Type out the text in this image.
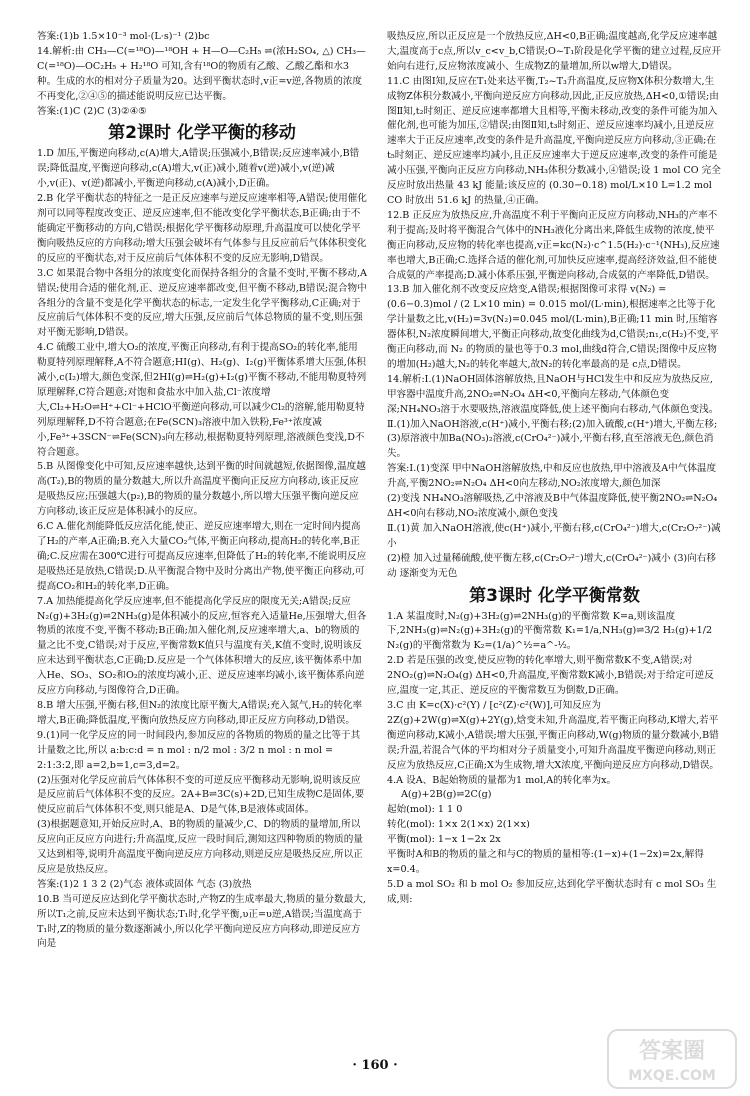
答案:(1)b 1.5×10⁻³ mol·(L·s)⁻¹ (2)bc

14.解析:由 CH₃—C(=¹⁸O)—¹⁸OH + H—O—C₂H₅ ⇌(浓H₂SO₄, △) CH₃—C(=¹⁸O)—OC₂H₅ + H₂¹⁸O 可知,含有¹⁸O的物质有乙酸、乙酸乙酯和水3种。生成的水的相对分子质量为20。达到平衡状态时,v正=v逆,各物质的浓度不再变化,②④⑤的描述能说明反应已达平衡。

答案:(1)C (2)C (3)②④⑤

第2课时 化学平衡的移动

1.D 加压,平衡逆向移动,c(A)增大,A错误;压强减小,B错误;反应速率减小,B错误;降低温度,平衡逆向移动,c(A)增大,v(正)减小,随着v(逆)减小,v(逆)减小,v(正)、v(逆)都减小,平衡逆向移动,c(A)减小,D正确。

2.B 化学平衡状态的特征之一是正反应速率与逆反应速率相等,A错误;使用催化剂可以同等程度改变正、逆反应速率,但不能改变化学平衡状态,B正确;由于不能确定平衡移动的方向,C错误;根据化学平衡移动原理,升高温度可以使化学平衡向吸热反应的方向移动;增大压强会破坏有气体参与且反应前后气体体积变化的反应的平衡状态,对于反应前后气体体积不变的反应无影响,D错误。

3.C 如果混合物中各组分的浓度变化而保持各组分的含量不变时,平衡不移动,A错误;使用合适的催化剂,正、逆反应速率都改变,但平衡不移动,B错误;混合物中各组分的含量不变是化学平衡状态的标志,一定发生化学平衡移动,C正确;对于反应前后气体体积不变的反应,增大压强,反应前后气体总物质的量不变,则压强对平衡无影响,D错误。

4.C 硫酸工业中,增大O₂的浓度,平衡正向移动,有利于提高SO₂的转化率,能用勒夏特列原理解释,A不符合题意;HI(g)、H₂(g)、I₂(g)平衡体系增大压强,体积减小,c(I₂)增大,颜色变深,但2HI(g)⇌H₂(g)+I₂(g)平衡不移动,不能用勒夏特列原理解释,C符合题意;对饱和食盐水中加入盐,Cl⁻浓度增大,Cl₂+H₂O⇌H⁺+Cl⁻+HClO平衡逆向移动,可以减少Cl₂的溶解,能用勒夏特列原理解释,D不符合题意;在Fe(SCN)₃溶液中加入铁粉,Fe³⁺浓度减小,Fe³⁺+3SCN⁻⇌Fe(SCN)₃向左移动,根据勒夏特列原理,溶液颜色变浅,D不符合题意。

5.B 从图像变化中可知,反应速率越快,达到平衡的时间就越短,依据图像,温度越高(T₂),B的物质的量分数越大,所以升高温度平衡向正反应方向移动,该正反应是吸热反应;压强越大(p₂),B的物质的量分数越小,所以增大压强平衡向逆反应方向移动,该正反应是体积减小的反应。

6.C A.催化剂能降低反应活化能,使正、逆反应速率增大,则在一定时间内提高了H₂的产率,A正确;B.充入大量CO₂气体,平衡正向移动,提高H₂的转化率,B正确;C.反应需在300℃进行可提高反应速率,但降低了H₂的转化率,不能说明反应是吸热还是放热,C错误;D.从平衡混合物中及时分离出产物,使平衡正向移动,可提高CO₂和H₂的转化率,D正确。

7.A 加热能提高化学反应速率,但不能提高化学反应的限度无关;A错误;反应N₂(g)+3H₂(g)⇌2NH₃(g)是体积减小的反应,恒容充入适量He,压强增大,但各物质的浓度不变,平衡不移动;B正确;加入催化剂,反应速率增大,a、b的物质的量之比不变,C错误;对于反应,平衡常数K值只与温度有关,K值不变时,说明该反应未达到平衡状态,C正确;D.反应是一个气体体积增大的反应,该平衡体系中加入He、SO₃、SO₂和O₂的浓度均减小,正、逆反应速率均减小,该平衡体系向逆反应方向移动,与图像符合,D正确。

8.B 增大压强,平衡右移,但N₂的浓度比原平衡大,A错误;充入氮气,H₂的转化率增大,B正确;降低温度,平衡向放热反应方向移动,即正反应方向移动,D错误。

9.(1)同一化学反应的同一时间段内,参加反应的各物质的物质的量之比等于其计量数之比,所以 a:b:c:d = n mol : n/2 mol : 3/2 n mol : n mol = 2:1:3:2,即 a=2,b=1,c=3,d=2。

(2)压强对化学反应前后气体体积不变的可逆反应平衡移动无影响,说明该反应是反应前后气体体积不变的反应。2A+B⇌3C(s)+2D,已知生成物C是固体,要使反应前后气体体积不变,则只能是A、D是气体,B是液体或固体。

(3)根据题意知,开始反应时,A、B的物质的量减少,C、D的物质的量增加,所以反应向正反应方向进行;升高温度,反应一段时间后,测知这四种物质的物质的量又达到相等,说明升高温度平衡向逆反应方向移动,则逆反应是吸热反应,所以正反应是放热反应。

答案:(1)2 1 3 2 (2)气态 液体或固体 气态 (3)放热

10.B 当可逆反应达到化学平衡状态时,产物Z的生成率最大,物质的量分数最大,所以T₁之前,反应未达到平衡状态;T₁时,化学平衡,υ正=υ逆,A错误;当温度高于T₁时,Z的物质的量分数逐渐减小,所以化学平衡向逆反应方向移动,即逆反应方向是

吸热反应,所以正反应是一个放热反应,ΔH<0,B正确;温度越高,化学反应速率越大,温度高于c点,所以v_c<v_b,C错误;O~T₁阶段是化学平衡的建立过程,反应开始向右进行,反应物浓度减小、生成物Z的量增加,所以w增大,D错误。

11.C 由图Ⅰ知,反应在T₁处来达平衡,T₂~T₃升高温度,反应物X体积分数增大,生成物Z体积分数减小,平衡向逆反应方向移动,因此,正反应放热,ΔH<0,①错误;由图Ⅱ知,t₂时刻正、逆反应速率都增大且相等,平衡未移动,改变的条件可能为加入催化剂,也可能为加压,②错误;由图Ⅱ知,t₃时刻正、逆反应速率均减小,且逆反应速率大于正反应速率,改变的条件是升高温度,平衡向逆反应方向移动,③正确;在t₅时刻正、逆反应速率均减小,且正反应速率大于逆反应速率,改变的条件可能是减小压强,平衡向正反应方向移动,NH₃体积分数减小,④错误;设 1 mol CO 完全反应时放出热量 43 kJ 能量;该反应的 (0.30−0.18) mol/L×10 L=1.2 mol CO 时放出 51.6 kJ 的热量,④正确。

12.B 正反应为放热反应,升高温度不利于平衡向正反应方向移动,NH₃的产率不利于提高;及时将平衡混合气体中的NH₃液化分离出来,降低生成物的浓度,使平衡正向移动,反应物的转化率也提高,v正=kc(N₂)·c^1.5(H₂)·c⁻¹(NH₃),反应速率也增大,B正确;C.选择合适的催化剂,可加快反应速率,提高经济效益,但不能使合成氨的产率提高;D.减小体系压强,平衡逆向移动,合成氨的产率降低,D错误。

13.B 加入催化剂不改变反应焓变,A错误;根据图像可求得 v(N₂) = (0.6−0.3)mol / (2 L×10 min) = 0.015 mol/(L·min),根据速率之比等于化学计量数之比,v(H₂)=3v(N₂)=0.045 mol/(L·min),B正确;11 min 时,压缩容器体积,N₂浓度瞬间增大,平衡正向移动,故变化曲线为d,C错误;n₁,c(H₂)不变,平衡正向移动,而 N₂ 的物质的量也等于0.3 mol,曲线d符合,C错误;图像中反应物的增加(H₂)越大,N₂的转化率越大,故N₂的转化率最高的是 c点,D错误。

14.解析:Ⅰ.(1)NaOH固体溶解放热,且NaOH与HCl发生中和反应为放热反应,甲容器中温度升高,2NO₂⇌N₂O₄ ΔH<0,平衡向左移动,气体颜色变深;NH₄NO₃溶于水要吸热,溶液温度降低,使上述平衡向右移动,气体颜色变浅。

Ⅱ.(1)加入NaOH溶液,c(H⁺)减小,平衡右移;(2)加入硫酸,c(H⁺)增大,平衡左移;(3)原溶液中加Ba(NO₃)₂溶液,c(CrO₄²⁻)减小,平衡右移,直至溶液无色,颜色消失。

答案:Ⅰ.(1)变深 甲中NaOH溶解放热,中和反应也放热,甲中溶液及A中气体温度升高,平衡2NO₂⇌N₂O₄ ΔH<0向左移动,NO₂浓度增大,颜色加深

(2)变浅 NH₄NO₃溶解吸热,乙中溶液及B中气体温度降低,使平衡2NO₂⇌N₂O₄ ΔH<0向右移动,NO₂浓度减小,颜色变浅

Ⅱ.(1)黄 加入NaOH溶液,使c(H⁺)减小,平衡右移,c(CrO₄²⁻)增大,c(Cr₂O₇²⁻)减小

(2)橙 加入过量稀硫酸,使平衡左移,c(Cr₂O₇²⁻)增大,c(CrO₄²⁻)减小 (3)向右移动 逐渐变为无色

第3课时 化学平衡常数

1.A 某温度时,N₂(g)+3H₂(g)⇌2NH₃(g)的平衡常数 K=a,则该温度下,2NH₃(g)⇌N₂(g)+3H₂(g)的平衡常数 K₁=1/a,NH₃(g)⇌3/2 H₂(g)+1/2 N₂(g)的平衡常数为 K₂=(1/a)^½=a^-½。

2.D 若是压强的改变,使反应物的转化率增大,则平衡常数K不变,A错误;对2NO₂(g)⇌N₂O₄(g) ΔH<0,升高温度,平衡常数K减小,B错误;对于给定可逆反应,温度一定,其正、逆反应的平衡常数互为倒数,D正确。

3.C 由 K=c(X)·c²(Y) / [c²(Z)·c²(W)],可知反应为 2Z(g)+2W(g)⇌X(g)+2Y(g),焓变未知,升高温度,若平衡正向移动,K增大,若平衡逆向移动,K减小,A错误;增大压强,平衡正向移动,W(g)物质的量分数减小,B错误;升温,若混合气体的平均相对分子质量变小,可知升高温度平衡逆向移动,则正反应为放热反应,C正确;X为生成物,增大X浓度,平衡向逆反应方向移动,D错误。

4.A 设A、B起始物质的量都为1 mol,A的转化率为x。

A(g)+2B(g)⇌2C(g)

起始(mol): 1 1 0

转化(mol): 1×x 2(1×x) 2(1×x)

平衡(mol): 1−x 1−2x 2x

平衡时A和B的物质的量之和与C的物质的量相等:(1−x)+(1−2x)=2x,解得 x=0.4。

5.D a mol SO₂ 和 b mol O₂ 参加反应,达到化学平衡状态时有 c mol SO₃ 生成,则:

· 160 ·
答案圈
MXQE.COM
